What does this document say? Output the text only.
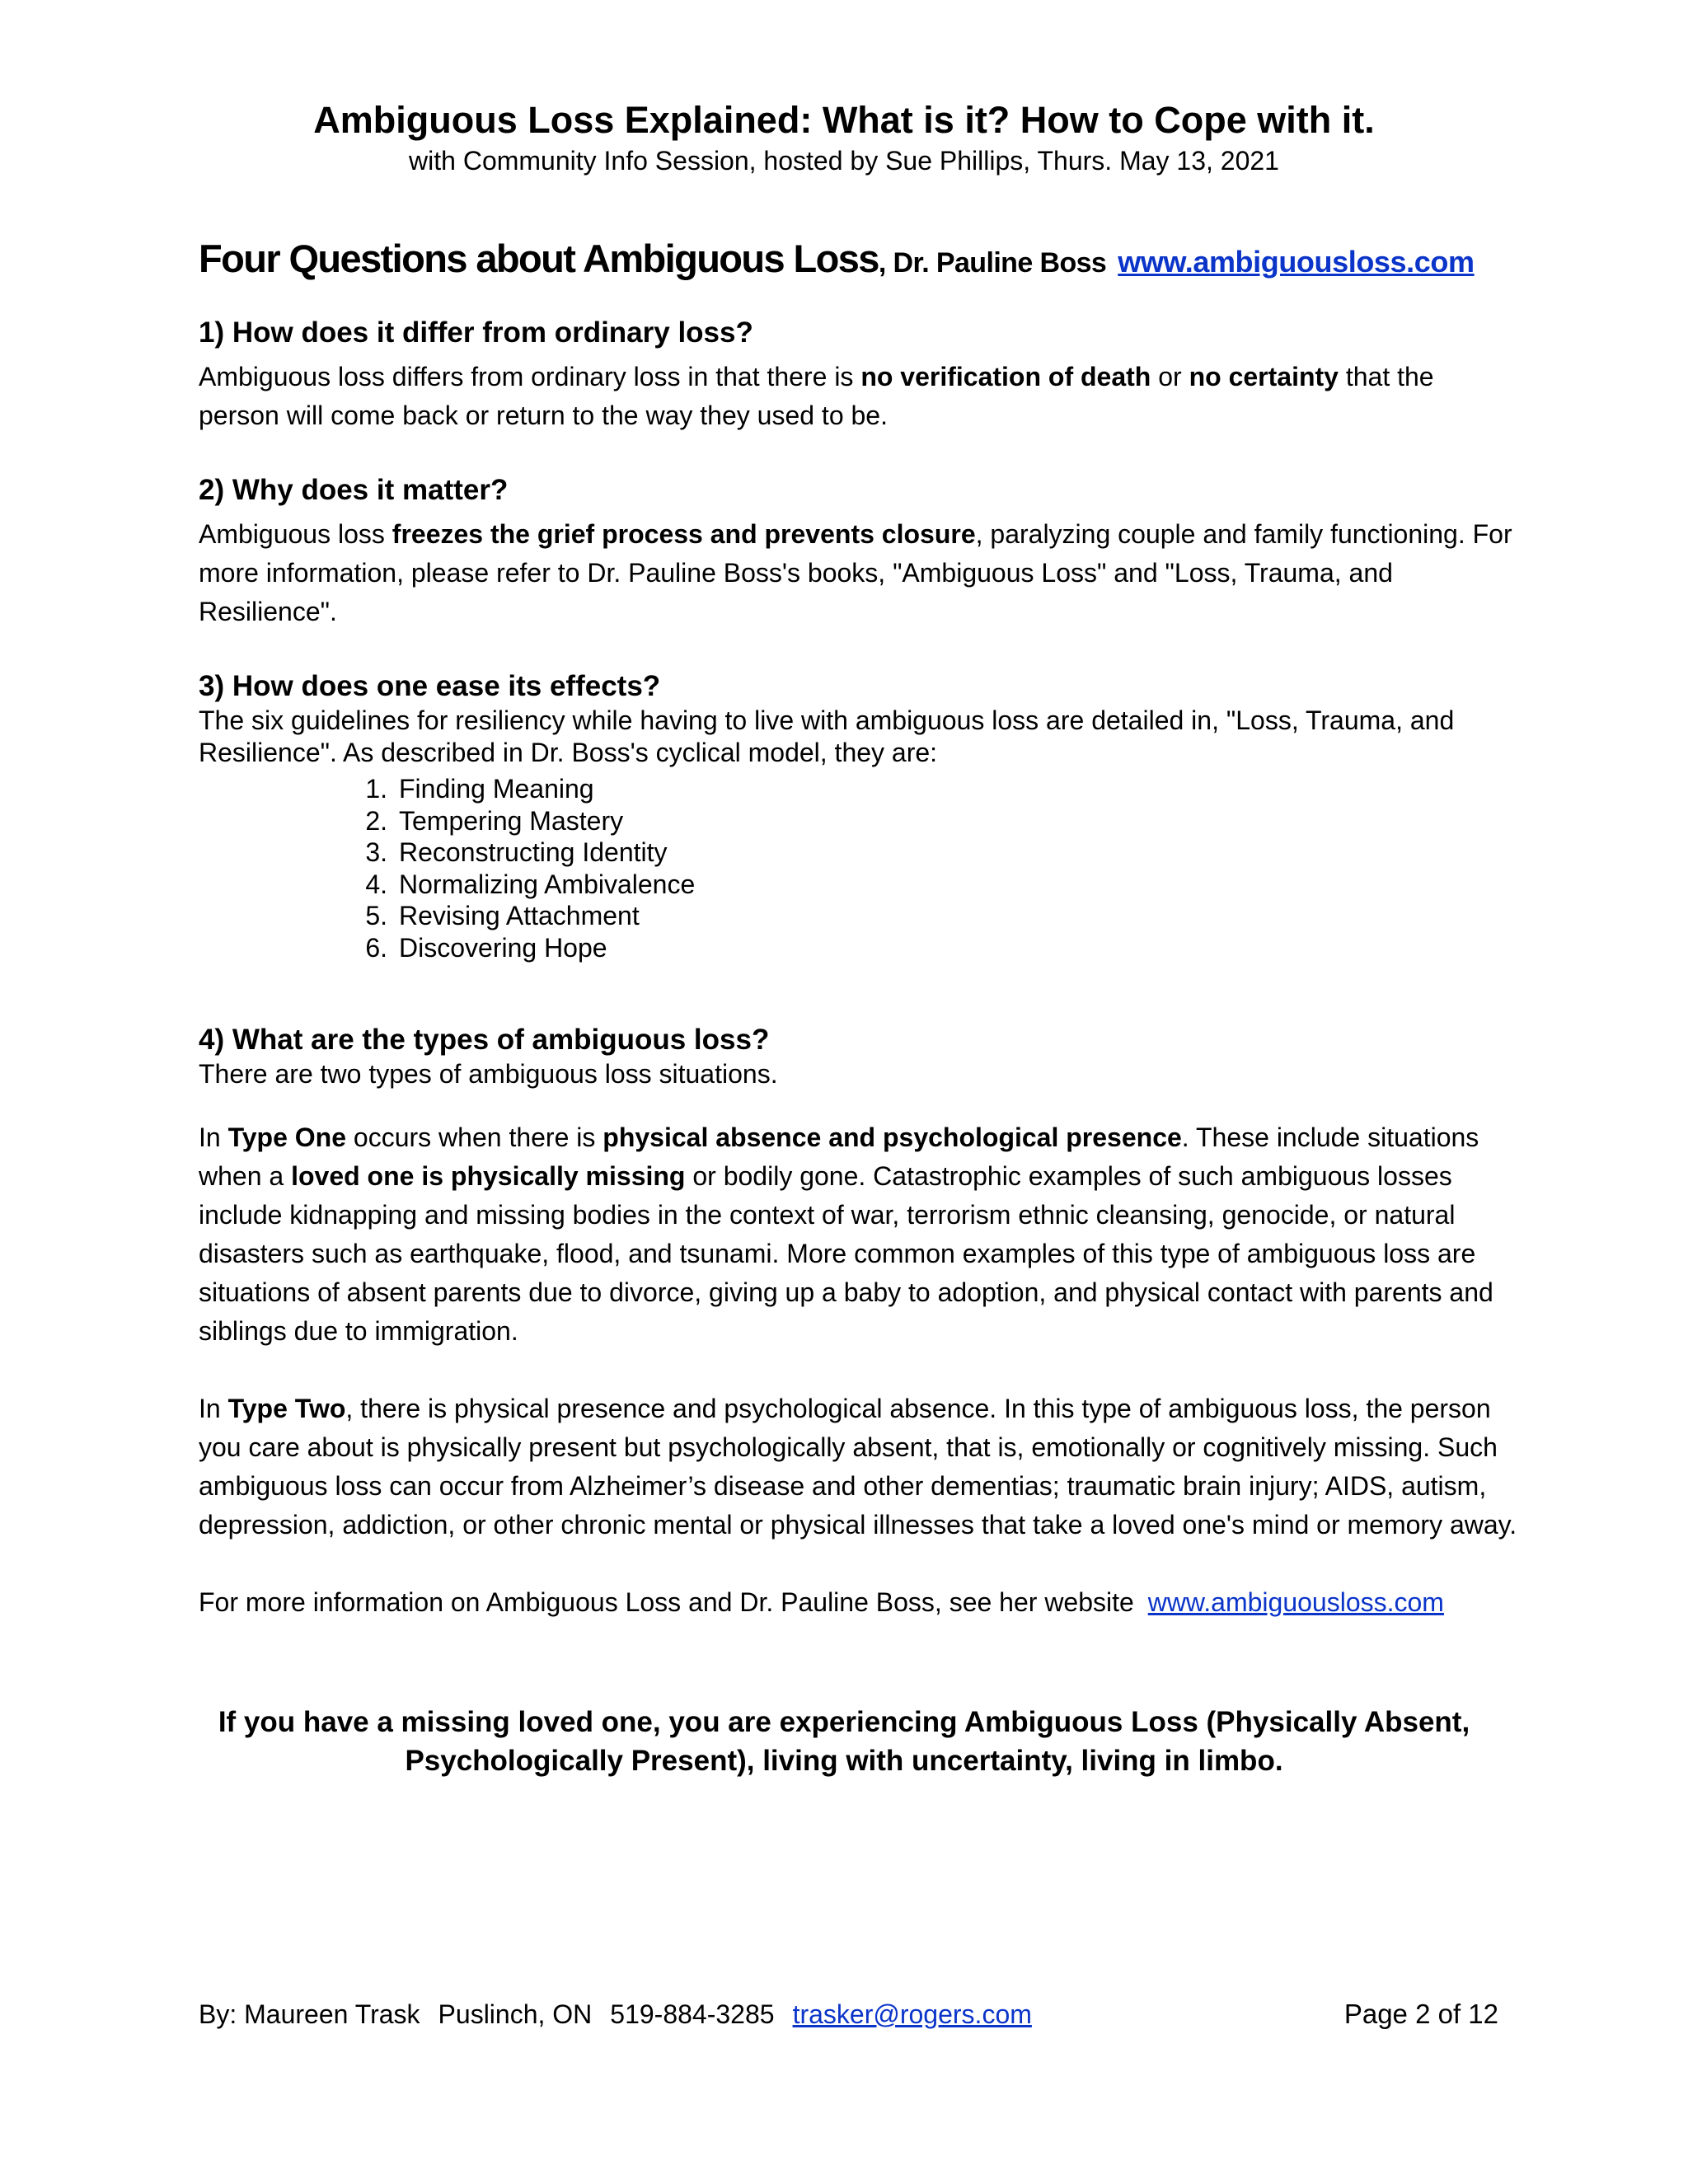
Ambiguous Loss Explained: What is it? How to Cope with it.
with Community Info Session, hosted by Sue Phillips, Thurs. May 13, 2021
Four Questions about Ambiguous Loss, Dr. Pauline Boss www.ambiguousloss.com

1) How does it differ from ordinary loss?

Ambiguous loss differs from ordinary loss in that there is no verification of death or no certainty that the person will come back or return to the way they used to be.

2) Why does it matter?

Ambiguous loss freezes the grief process and prevents closure, paralyzing couple and family functioning. For more information, please refer to Dr. Pauline Boss's books, "Ambiguous Loss" and "Loss, Trauma, and Resilience".

3) How does one ease its effects?

The six guidelines for resiliency while having to live with ambiguous loss are detailed in, "Loss, Trauma, and Resilience". As described in Dr. Boss's cyclical model, they are:

1. Finding Meaning
2. Tempering Mastery
3. Reconstructing Identity
4. Normalizing Ambivalence
5. Revising Attachment
6. Discovering Hope

4) What are the types of ambiguous loss?

There are two types of ambiguous loss situations.

In Type One occurs when there is physical absence and psychological presence. These include situations when a loved one is physically missing or bodily gone. Catastrophic examples of such ambiguous losses include kidnapping and missing bodies in the context of war, terrorism ethnic cleansing, genocide, or natural disasters such as earthquake, flood, and tsunami. More common examples of this type of ambiguous loss are situations of absent parents due to divorce, giving up a baby to adoption, and physical contact with parents and siblings due to immigration.

In Type Two, there is physical presence and psychological absence. In this type of ambiguous loss, the person you care about is physically present but psychologically absent, that is, emotionally or cognitively missing. Such ambiguous loss can occur from Alzheimer’s disease and other dementias; traumatic brain injury; AIDS, autism, depression, addiction, or other chronic mental or physical illnesses that take a loved one's mind or memory away.

For more information on Ambiguous Loss and Dr. Pauline Boss, see her website www.ambiguousloss.com

If you have a missing loved one, you are experiencing Ambiguous Loss (Physically Absent,
Psychologically Present), living with uncertainty, living in limbo.
By: Maureen Trask Puslinch, ON 519-884-3285 trasker@rogers.com	Page 2 of 12
